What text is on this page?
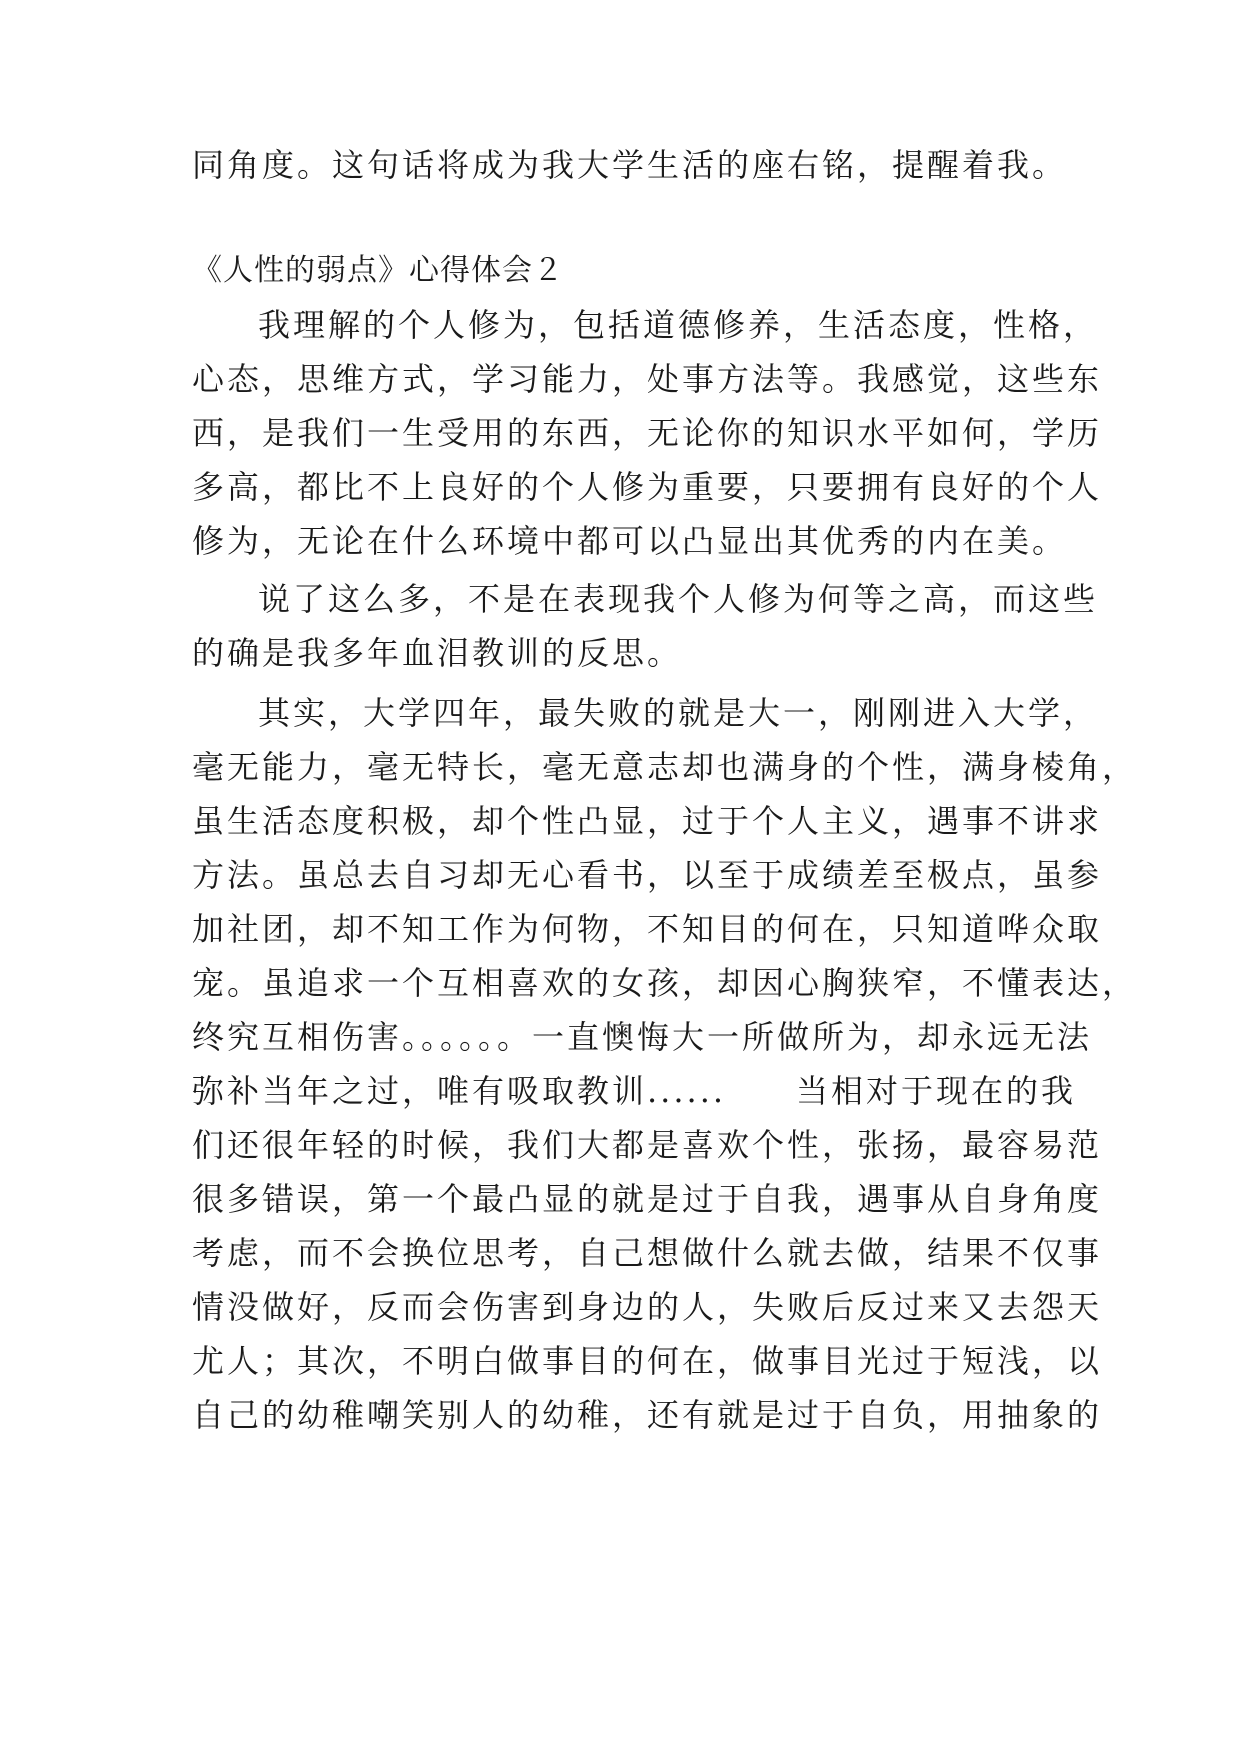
同角度。这句话将成为我大学生活的座右铭，提醒着我。
《人性的弱点》心得体会２
我理解的个人修为，包括道德修养，生活态度，性格，
心态，思维方式，学习能力，处事方法等。我感觉，这些东
西，是我们一生受用的东西，无论你的知识水平如何，学历
多高，都比不上良好的个人修为重要，只要拥有良好的个人
修为，无论在什么环境中都可以凸显出其优秀的内在美。
说了这么多，不是在表现我个人修为何等之高，而这些
的确是我多年血泪教训的反思。
其实，大学四年，最失败的就是大一，刚刚进入大学，
毫无能力，毫无特长，毫无意志却也满身的个性，满身棱角，
虽生活态度积极，却个性凸显，过于个人主义，遇事不讲求
方法。虽总去自习却无心看书，以至于成绩差至极点，虽参
加社团，却不知工作为何物，不知目的何在，只知道哗众取
宠。虽追求一个互相喜欢的女孩，却因心胸狭窄，不懂表达，
终究互相伤害。。。。。。一直懊悔大一所做所为，却永远无法
弥补当年之过，唯有吸取教训......　　当相对于现在的我
们还很年轻的时候，我们大都是喜欢个性，张扬，最容易范
很多错误，第一个最凸显的就是过于自我，遇事从自身角度
考虑，而不会换位思考，自己想做什么就去做，结果不仅事
情没做好，反而会伤害到身边的人，失败后反过来又去怨天
尤人；其次，不明白做事目的何在，做事目光过于短浅，以
自己的幼稚嘲笑别人的幼稚，还有就是过于自负，用抽象的
